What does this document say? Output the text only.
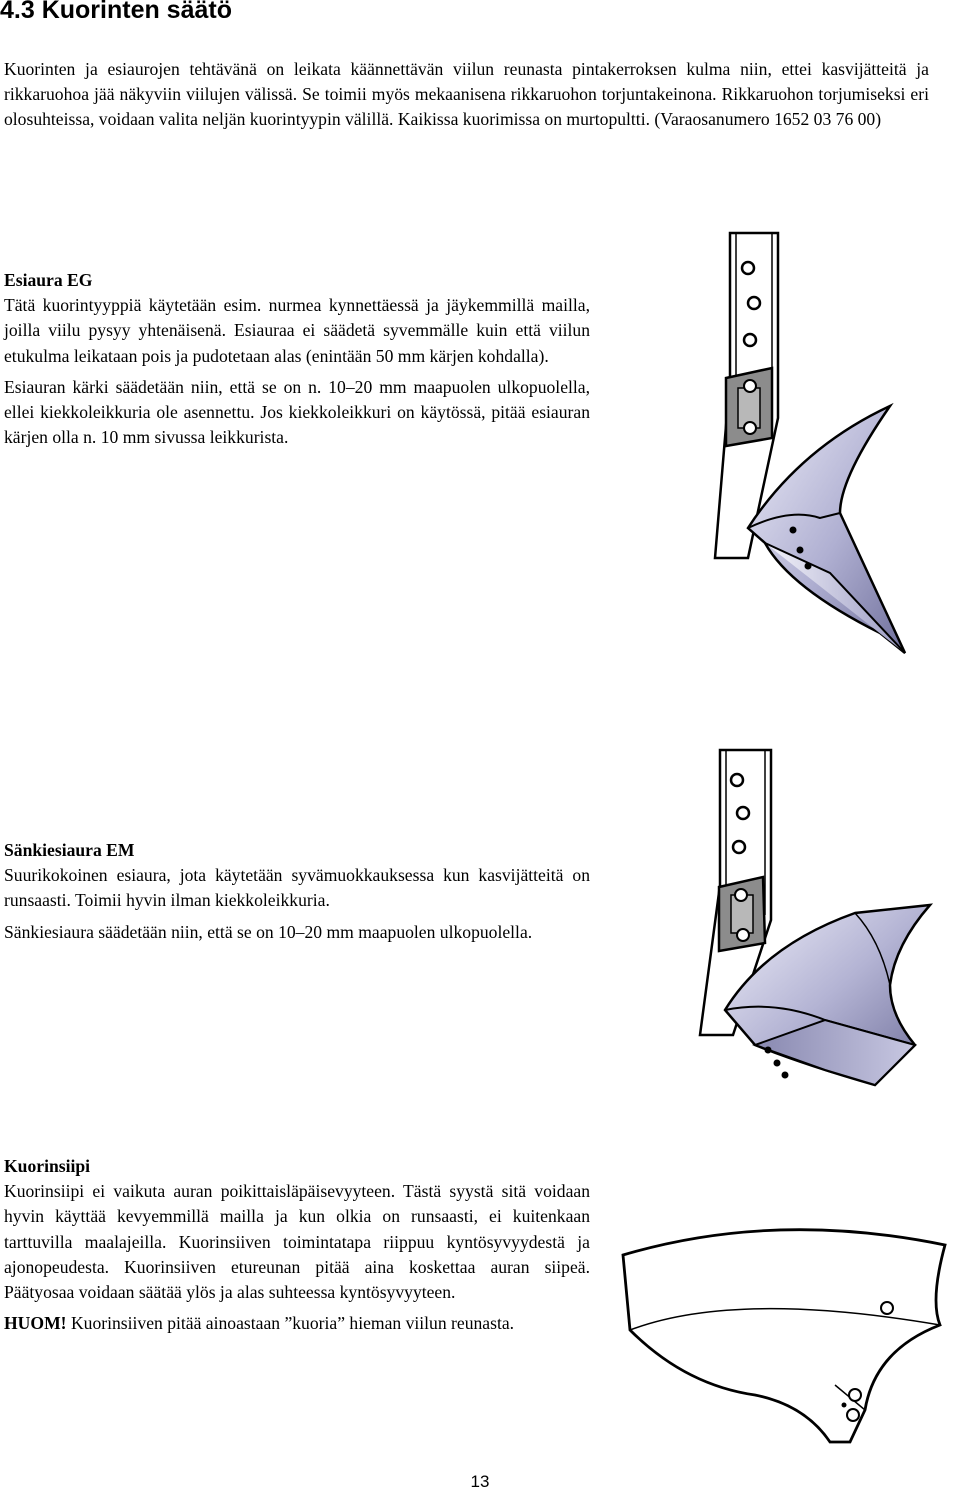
4.3 Kuorinten säätö

Kuorinten ja esiaurojen tehtävänä on leikata käännettävän viilun reunasta pintakerroksen kulma niin, ettei kasvijätteitä ja rikkaruohoa jää näkyviin viilujen välissä. Se toimii myös mekaanisena rikkaruohon torjuntakeinona. Rikkaruohon torjumiseksi eri olosuhteissa, voidaan valita neljän kuorintyypin välillä. Kaikissa kuorimissa on murtopultti. (Varaosanumero 1652 03 76 00)

Esiaura EG
Tätä kuorintyyppiä käytetään esim. nurmea kynnettäessä ja jäykemmillä mailla, joilla viilu pysyy yhtenäisenä. Esiauraa ei säädetä syvemmälle kuin että viilun etukulma leikataan pois ja pudotetaan alas (enintään 50 mm kärjen kohdalla).
Esiauran kärki säädetään niin, että se on n. 10–20 mm maapuolen ulkopuolella, ellei kiekkoleikkuria ole asennettu. Jos kiekkoleikkuri on käytössä, pitää esiauran kärjen olla n. 10 mm sivussa leikkurista.

Sänkiesiaura EM
Suurikokoinen esiaura, jota käytetään syvämuokkauksessa kun kasvijätteitä on runsaasti. Toimii hyvin ilman kiekkoleikkuria.
Sänkiesiaura säädetään niin, että se on 10–20 mm maapuolen ulkopuolella.

Kuorinsiipi
Kuorinsiipi ei vaikuta auran poikittaisläpäisevyyteen. Tästä syystä sitä voidaan hyvin käyttää kevyemmillä mailla ja kun olkia on runsaasti, ei kuitenkaan tarttuvilla maalajeilla. Kuorinsiiven toimintatapa riippuu kyntösyvyydestä ja ajonopeudesta. Kuorinsiiven etureunan pitää aina koskettaa auran siipeä. Päätyosaa voidaan säätää ylös ja alas suhteessa kyntösyvyyteen.
HUOM! Kuorinsiiven pitää ainoastaan ”kuoria” hieman viilun reunasta.

13
